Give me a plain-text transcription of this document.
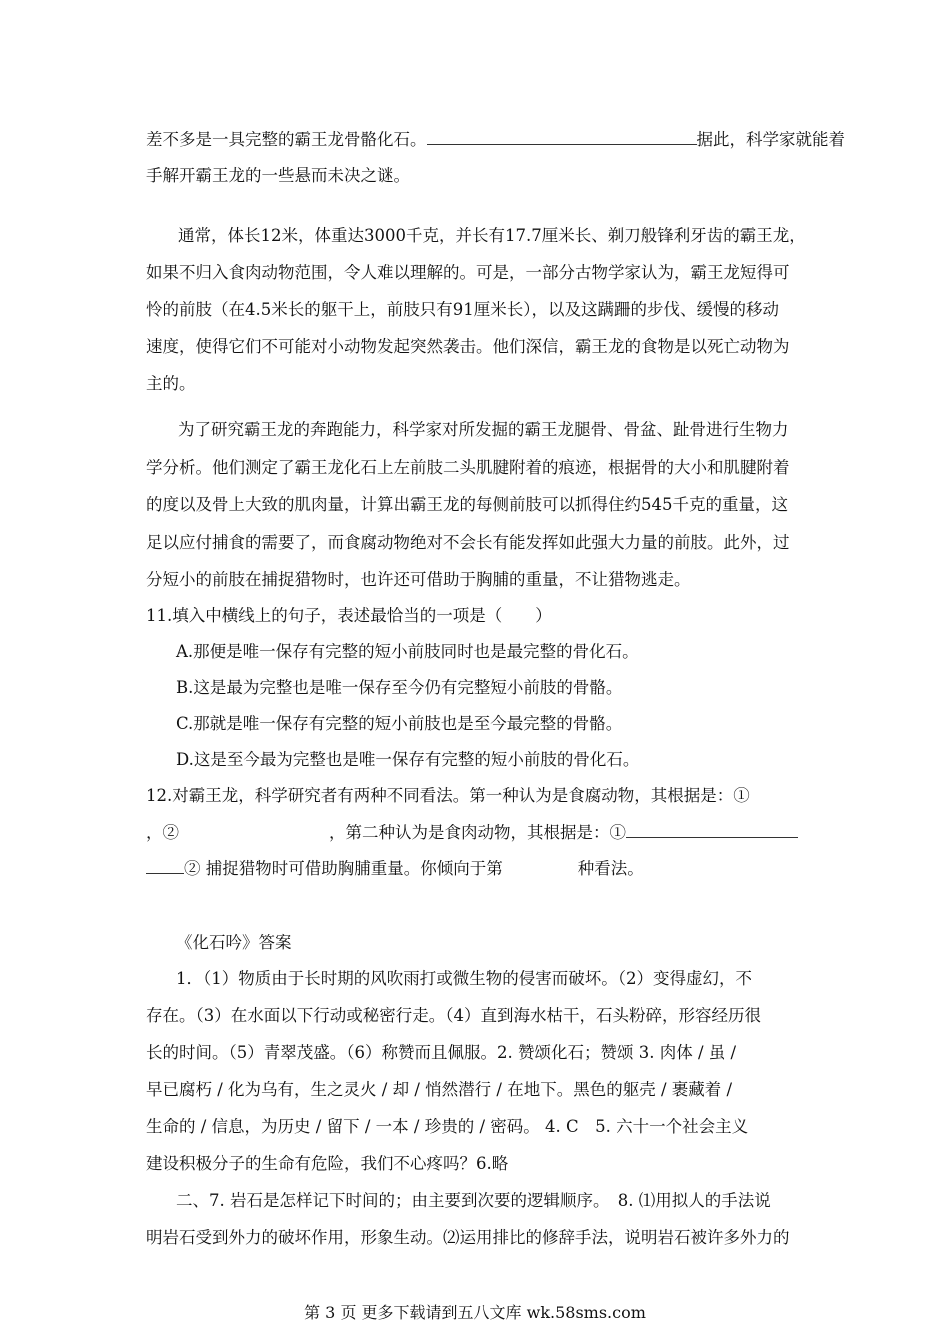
差不多是一具完整的霸王龙骨骼化石。	据此，科学家就能着
手解开霸王龙的一些悬而未决之谜。
通常，体长12米，体重达3000千克，并长有17.7厘米长、剃刀般锋利牙齿的霸王龙，
如果不归入食肉动物范围，令人难以理解的。可是，一部分古物学家认为，霸王龙短得可
怜的前肢（在4.5米长的躯干上，前肢只有91厘米长），以及这蹒跚的步伐、缓慢的移动
速度，使得它们不可能对小动物发起突然袭击。他们深信，霸王龙的食物是以死亡动物为
主的。
为了研究霸王龙的奔跑能力，科学家对所发掘的霸王龙腿骨、骨盆、趾骨进行生物力
学分析。他们测定了霸王龙化石上左前肢二头肌腱附着的痕迹，根据骨的大小和肌腱附着
的度以及骨上大致的肌肉量，计算出霸王龙的每侧前肢可以抓得住约545千克的重量，这
足以应付捕食的需要了，而食腐动物绝对不会长有能发挥如此强大力量的前肢。此外，过
分短小的前肢在捕捉猎物时，也许还可借助于胸脯的重量，不让猎物逃走。
11.填入中横线上的句子，表述最恰当的一项是（　　）
A.那便是唯一保存有完整的短小前肢同时也是最完整的骨化石。
B.这是最为完整也是唯一保存至今仍有完整短小前肢的骨骼。
C.那就是唯一保存有完整的短小前肢也是至今最完整的骨骼。
D.这是至今最为完整也是唯一保存有完整的短小前肢的骨化石。
12.对霸王龙，科学研究者有两种不同看法。第一种认为是食腐动物，其根据是：①
，②	，第二种认为是食肉动物，其根据是：①
② 捕捉猎物时可借助胸脯重量。你倾向于第	种看法。
《化石吟》答案
1．（1）物质由于长时期的风吹雨打或微生物的侵害而破坏。（2）变得虚幻，不
存在。（3）在水面以下行动或秘密行走。（4）直到海水枯干，石头粉碎，形容经历很
长的时间。（5）青翠茂盛。（6）称赞而且佩服。2. 赞颂化石；赞颂 3. 肉体 / 虽 /
早已腐朽 / 化为乌有，生之灵火 / 却 / 悄然潜行 / 在地下。黑色的躯壳 / 裹藏着 /
生命的 / 信息，为历史 / 留下 / 一本 / 珍贵的 / 密码。 4. C　5. 六十一个社会主义
建设积极分子的生命有危险，我们不心疼吗？6.略
二、7. 岩石是怎样记下时间的；由主要到次要的逻辑顺序。　8. ⑴用拟人的手法说
明岩石受到外力的破坏作用，形象生动。⑵运用排比的修辞手法，说明岩石被许多外力的
第 3 页 更多下载请到五八文库 wk.58sms.com
